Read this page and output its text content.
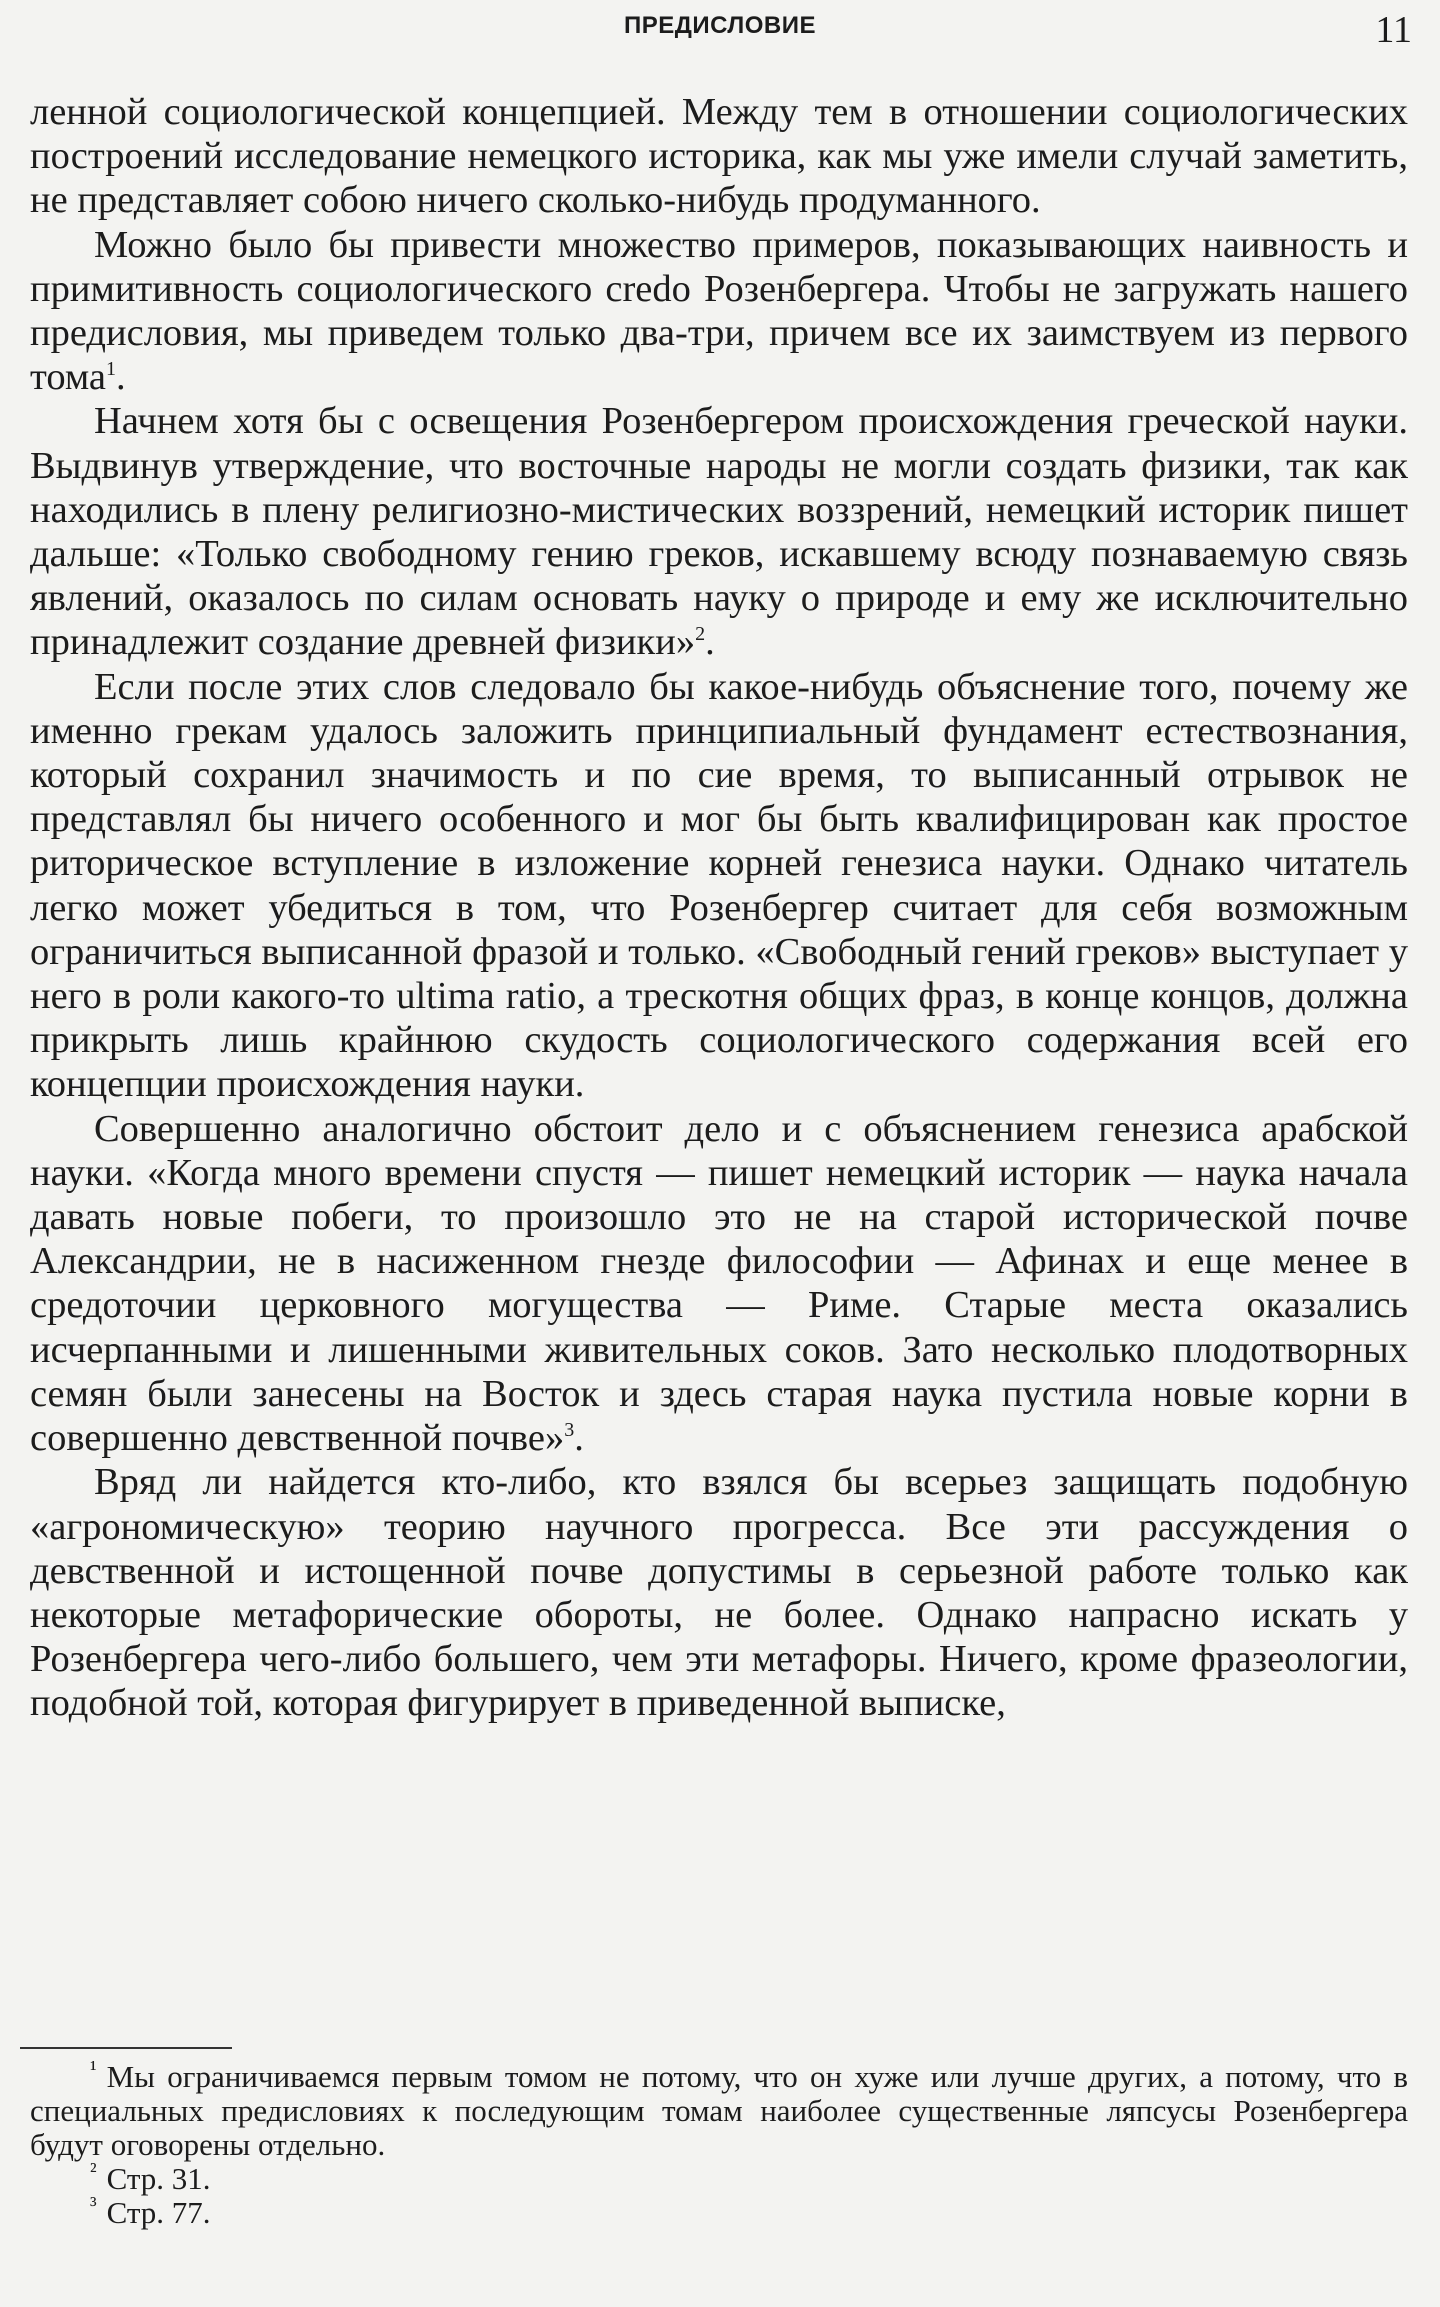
ПРЕДИСЛОВИЕ	11

ленной социологической концепцией. Между тем в отношении социологических построений исследование немецкого историка, как мы уже имели случай заметить, не представляет собою ничего сколько-нибудь продуманного.

Можно было бы привести множество примеров, показывающих наивность и примитивность социологического credo Розенбергера. Чтобы не загружать нашего предисловия, мы приведем только два-три, причем все их заимствуем из первого тома$^1$.

Начнем хотя бы с освещения Розенбергером происхождения греческой науки. Выдвинув утверждение, что восточные народы не могли создать физики, так как находились в плену религиозно-мистических воззрений, немецкий историк пишет дальше: «Только свободному гению греков, искавшему всюду познаваемую связь явлений, оказалось по силам основать науку о природе и ему же исключительно принадлежит создание древней физики»$^2$.

Если после этих слов следовало бы какое-нибудь объяснение того, почему же именно грекам удалось заложить принципиальный фундамент естествознания, который сохранил значимость и по сие время, то выписанный отрывок не представлял бы ничего особенного и мог бы быть квалифицирован как простое риторическое вступление в изложение корней генезиса науки. Однако читатель легко может убедиться в том, что Розенбергер считает для себя возможным ограничиться выписанной фразой и только. «Свободный гений греков» выступает у него в роли какого-то ultima ratio, а трескотня общих фраз, в конце концов, должна прикрыть лишь крайнюю скудость социологического содержания всей его концепции происхождения науки.

Совершенно аналогично обстоит дело и с объяснением генезиса арабской науки. «Когда много времени спустя — пишет немецкий историк — наука начала давать новые побеги, то произошло это не на старой исторической почве Александрии, не в насиженном гнезде философии — Афинах и еще менее в средоточии церковного могущества — Риме. Старые места оказались исчерпанными и лишенными живительных соков. Зато несколько плодотворных семян были занесены на Восток и здесь старая наука пустила новые корни в совершенно девственной почве»$^3$.

Вряд ли найдется кто-либо, кто взялся бы всерьез защищать подобную «агрономическую» теорию научного прогресса. Все эти рассуждения о девственной и истощенной почве допустимы в серьезной работе только как некоторые метафорические обороты, не более. Однако напрасно искать у Розенбергера чего-либо большего, чем эти метафоры. Ничего, кроме фразеологии, подобной той, которая фигурирует в приведенной выписке,

$^{^1}$ Мы ограничиваемся первым томом не потому, что он хуже или лучше других, а потому, что в специальных предисловиях к последующим томам наиболее существенные ляпсусы Розенбергера будут оговорены отдельно.

$^{^2}$ Стр. 31.

$^{^3}$ Стр. 77.
